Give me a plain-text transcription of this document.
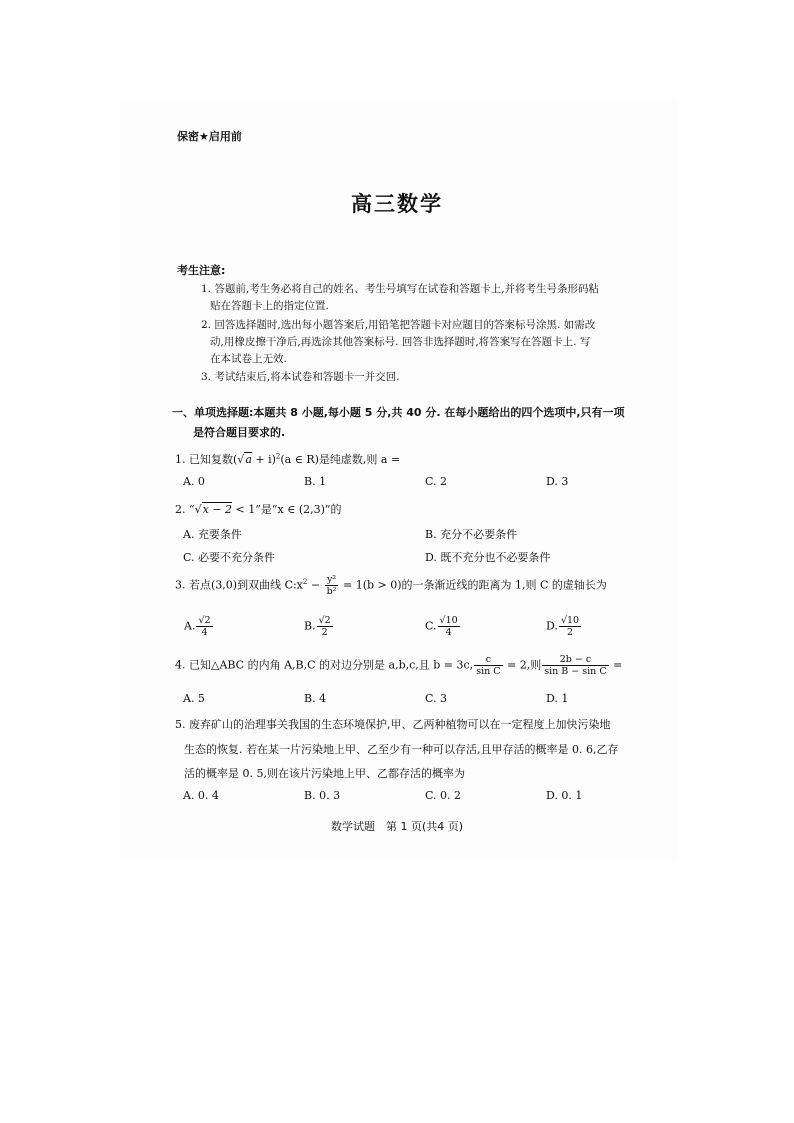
保密★启用前
高三数学
考生注意:
1. 答题前,考生务必将自己的姓名、考生号填写在试卷和答题卡上,并将考生号条形码粘
贴在答题卡上的指定位置.
2. 回答选择题时,选出每小题答案后,用铅笔把答题卡对应题目的答案标号涂黑. 如需改
动,用橡皮擦干净后,再选涂其他答案标号. 回答非选择题时,将答案写在答题卡上. 写
在本试卷上无效.
3. 考试结束后,将本试卷和答题卡一并交回.
一、单项选择题:本题共 8 小题,每小题 5 分,共 40 分. 在每小题给出的四个选项中,只有一项
是符合题目要求的.
1. 已知复数$(√a + i)^2(a$ ∈ R)是纯虚数,则 a =
A. 0	B. 1	C. 2	D. 3
2. “√x − 2 < 1”是“x ∈ (2,3)”的
A. 充要条件	B. 充分不必要条件
C. 必要不充分条件	D. 既不充分也不必要条件
3. 若点(3,0)到双曲线 $C:x^2 - \frac{\text{y²}}{\text{b²}} = 1(b > 0)$的一条渐近线的距离为 1,则 C 的虚轴长为
A. $\frac{√2}{4}$	B. $\frac{√2}{2}$	C. $\frac{√10}{4}$	D. $\frac{√10}{2}$
4. 已知△ABC 的内角 A,B,C 的对边分别是 a,b,c,且 b = 3c, $\frac{c}{\text{sin C}} = 2$,则 $\frac{2b - c}{\text{sin B − sin C}}$ =
A. 5	B. 4	C. 3	D. 1
5. 废弃矿山的治理事关我国的生态环境保护,甲、乙两种植物可以在一定程度上加快污染地
生态的恢复. 若在某一片污染地上甲、乙至少有一种可以存活,且甲存活的概率是 0. 6,乙存
活的概率是 0. 5,则在该片污染地上甲、乙都存活的概率为
A. 0. 4	B. 0. 3	C. 0. 2	D. 0. 1
数学试题　第 1 页(共4 页)
